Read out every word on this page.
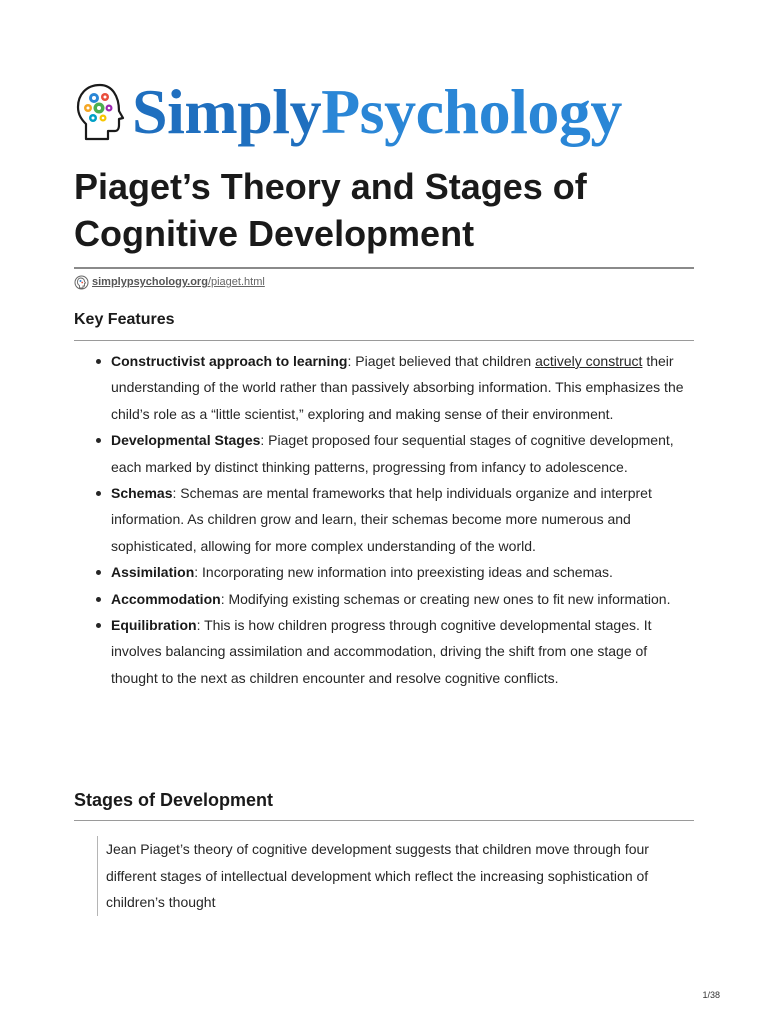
SimplyPsychology
Piaget’s Theory and Stages of Cognitive Development
simplypsychology.org /piaget.html
Key Features
Constructivist approach to learning: Piaget believed that children actively construct their understanding of the world rather than passively absorbing information. This emphasizes the child’s role as a “little scientist,” exploring and making sense of their environment.
Developmental Stages: Piaget proposed four sequential stages of cognitive development, each marked by distinct thinking patterns, progressing from infancy to adolescence.
Schemas: Schemas are mental frameworks that help individuals organize and interpret information. As children grow and learn, their schemas become more numerous and sophisticated, allowing for more complex understanding of the world.
Assimilation: Incorporating new information into preexisting ideas and schemas.
Accommodation: Modifying existing schemas or creating new ones to fit new information.
Equilibration: This is how children progress through cognitive developmental stages. It involves balancing assimilation and accommodation, driving the shift from one stage of thought to the next as children encounter and resolve cognitive conflicts.
Stages of Development
Jean Piaget’s theory of cognitive development suggests that children move through four different stages of intellectual development which reflect the increasing sophistication of children’s thought
1/38
